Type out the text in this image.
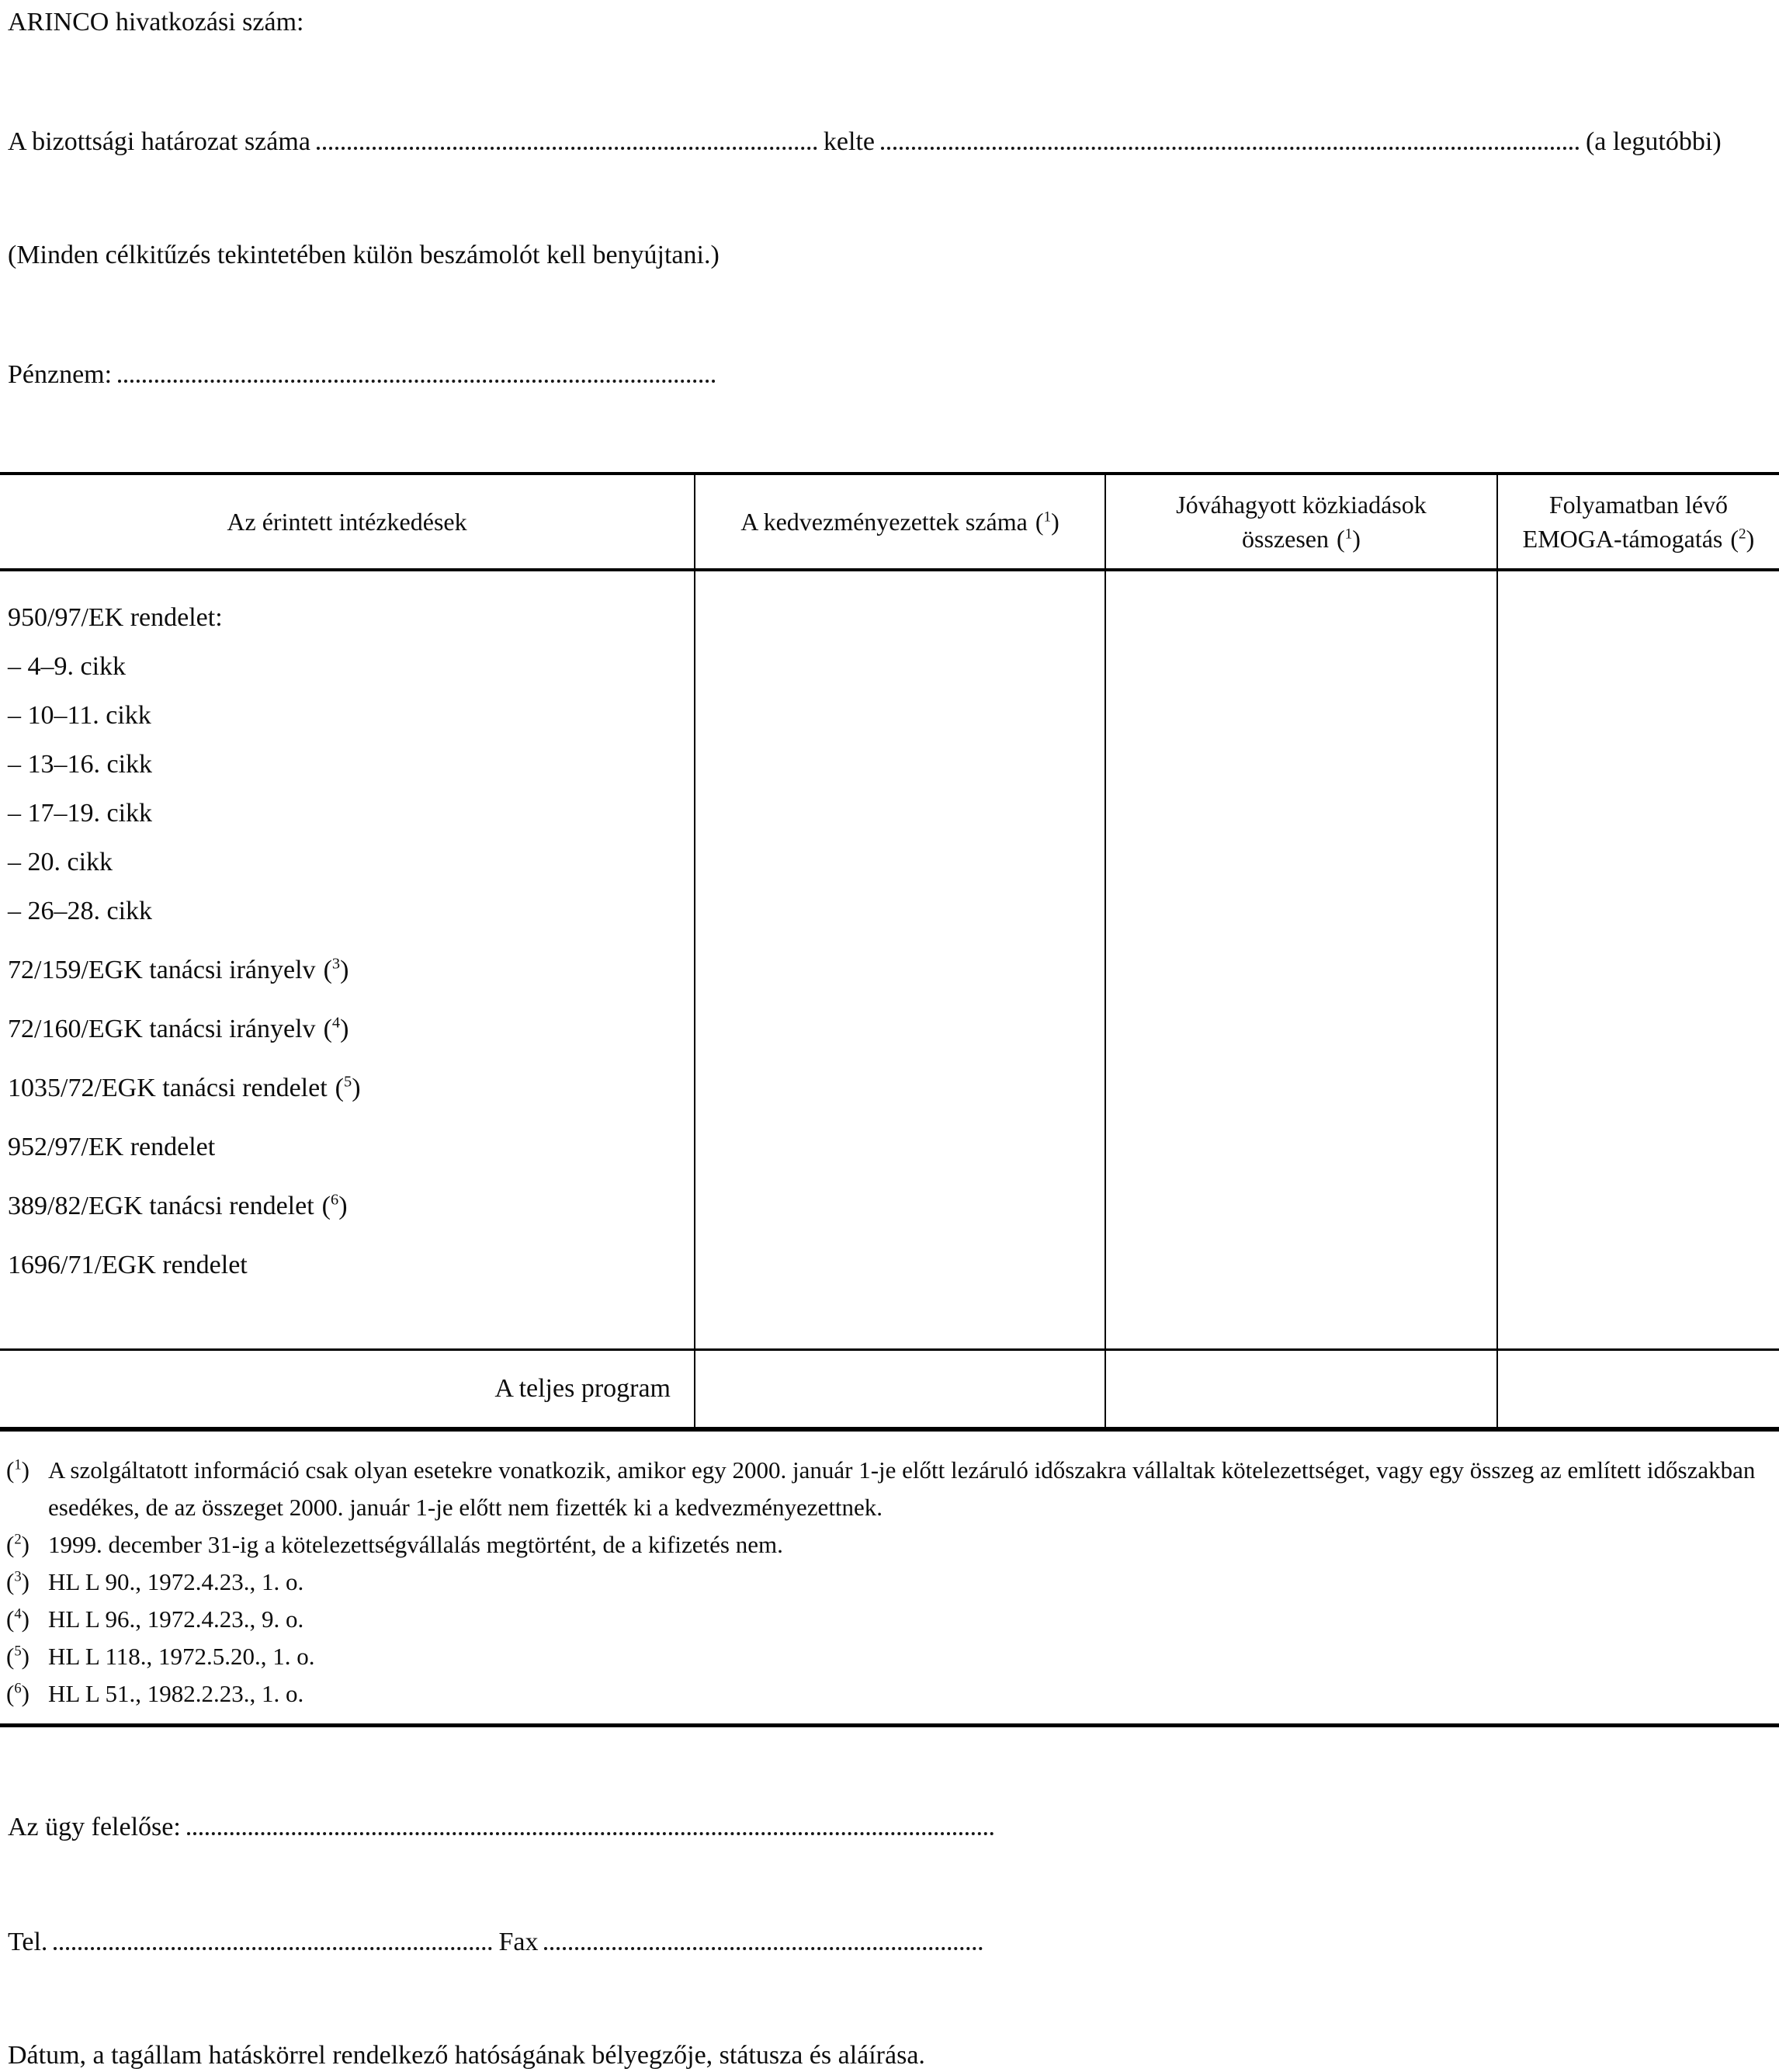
ARINCO hivatkozási szám:
A bizottsági határozat száma	kelte	(a legutóbbi)
(Minden célkitűzés tekintetében külön beszámolót kell benyújtani.)
Pénznem:
Az érintett intézkedések	A kedvezményezettek száma ($^1$)	Jóváhagyott közkiadások összesen ($^1$)	Folyamatban lévő EMOGA-támogatás ($^2$)

950/97/EK rendelet:
– 4–9. cikk
– 10–11. cikk
– 13–16. cikk
– 17–19. cikk
– 20. cikk
– 26–28. cikk
72/159/EGK tanácsi irányelv ($^3$)
72/160/EGK tanácsi irányelv ($^4$)
1035/72/EGK tanácsi rendelet ($^5$)
952/97/EK rendelet
389/82/EGK tanácsi rendelet ($^6$)
1696/71/EGK rendelet

A teljes program			
($^1$) A szolgáltatott információ csak olyan esetekre vonatkozik, amikor egy 2000. január 1-je előtt lezáruló időszakra vállaltak kötelezettséget, vagy egy összeg az említett időszakban esedékes, de az összeget 2000. január 1-je előtt nem fizették ki a kedvezményezettnek.
($^2$) 1999. december 31-ig a kötelezettségvállalás megtörtént, de a kifizetés nem.
($^3$) HL L 90., 1972.4.23., 1. o.
($^4$) HL L 96., 1972.4.23., 9. o.
($^5$) HL L 118., 1972.5.20., 1. o.
($^6$) HL L 51., 1982.2.23., 1. o.
Az ügy felelőse:
Tel.	Fax
Dátum, a tagállam hatáskörrel rendelkező hatóságának bélyegzője, státusza és aláírása.
